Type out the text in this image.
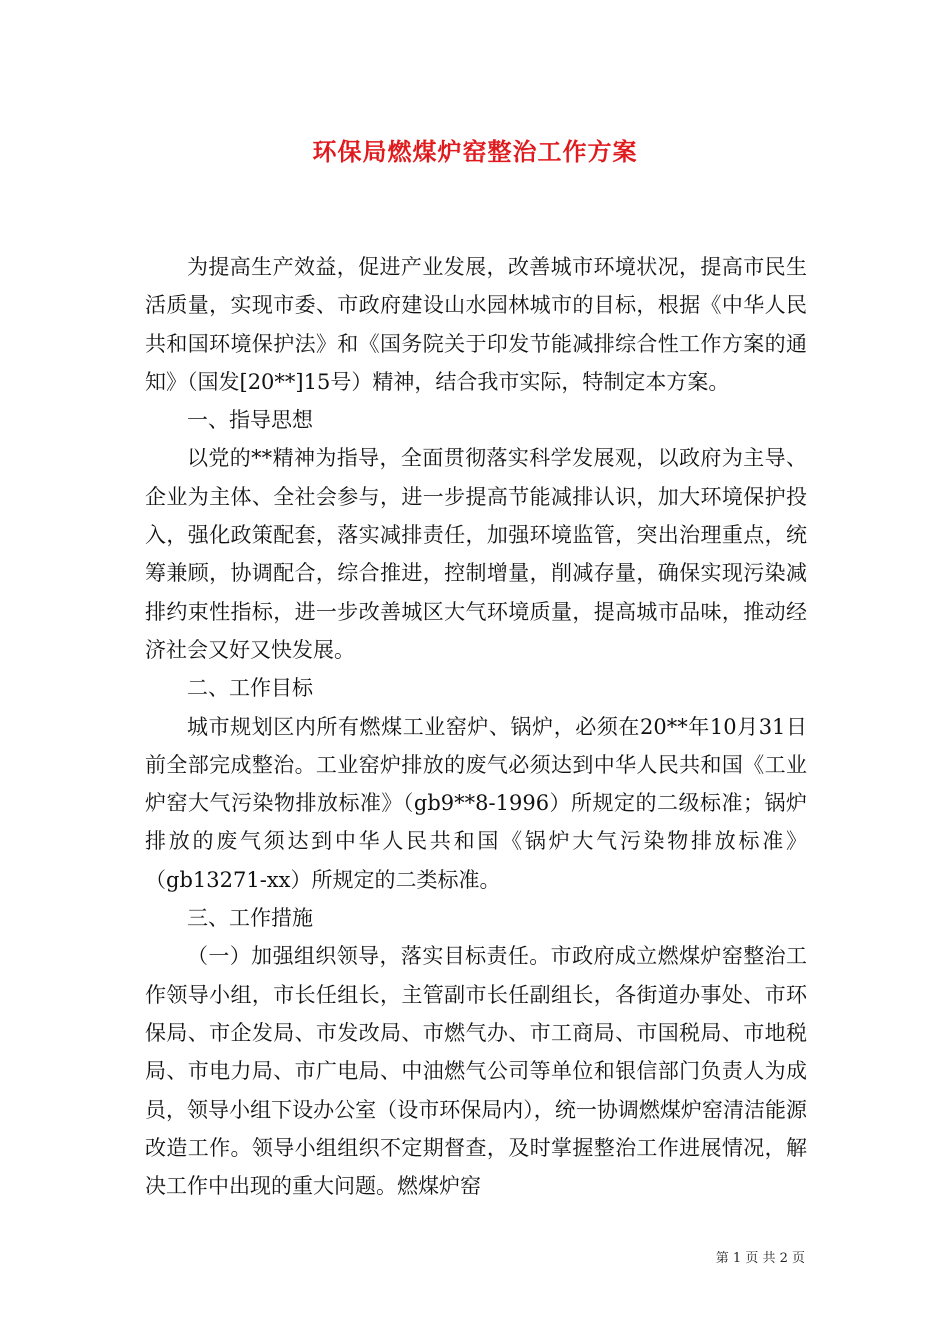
环保局燃煤炉窑整治工作方案

为提高生产效益，促进产业发展，改善城市环境状况，提高市民生活质量，实现市委、市政府建设山水园林城市的目标，根据《中华人民共和国环境保护法》和《国务院关于印发节能减排综合性工作方案的通知》（国发[20**]15号）精神，结合我市实际，特制定本方案。

一、指导思想

以党的**精神为指导，全面贯彻落实科学发展观，以政府为主导、企业为主体、全社会参与，进一步提高节能减排认识，加大环境保护投入，强化政策配套，落实减排责任，加强环境监管，突出治理重点，统筹兼顾，协调配合，综合推进，控制增量，削减存量，确保实现污染减排约束性指标，进一步改善城区大气环境质量，提高城市品味，推动经济社会又好又快发展。

二、工作目标

城市规划区内所有燃煤工业窑炉、锅炉，必须在20**年10月31日前全部完成整治。工业窑炉排放的废气必须达到中华人民共和国《工业炉窑大气污染物排放标准》（gb9**8-1996）所规定的二级标准；锅炉排放的废气须达到中华人民共和国《锅炉大气污染物排放标准》（gb13271-xx）所规定的二类标准。

三、工作措施

（一）加强组织领导，落实目标责任。市政府成立燃煤炉窑整治工作领导小组，市长任组长，主管副市长任副组长，各街道办事处、市环保局、市企发局、市发改局、市燃气办、市工商局、市国税局、市地税局、市电力局、市广电局、中油燃气公司等单位和银信部门负责人为成员，领导小组下设办公室（设市环保局内），统一协调燃煤炉窑清洁能源改造工作。领导小组组织不定期督查，及时掌握整治工作进展情况，解决工作中出现的重大问题。燃煤炉窑

第 1 页 共 2 页
